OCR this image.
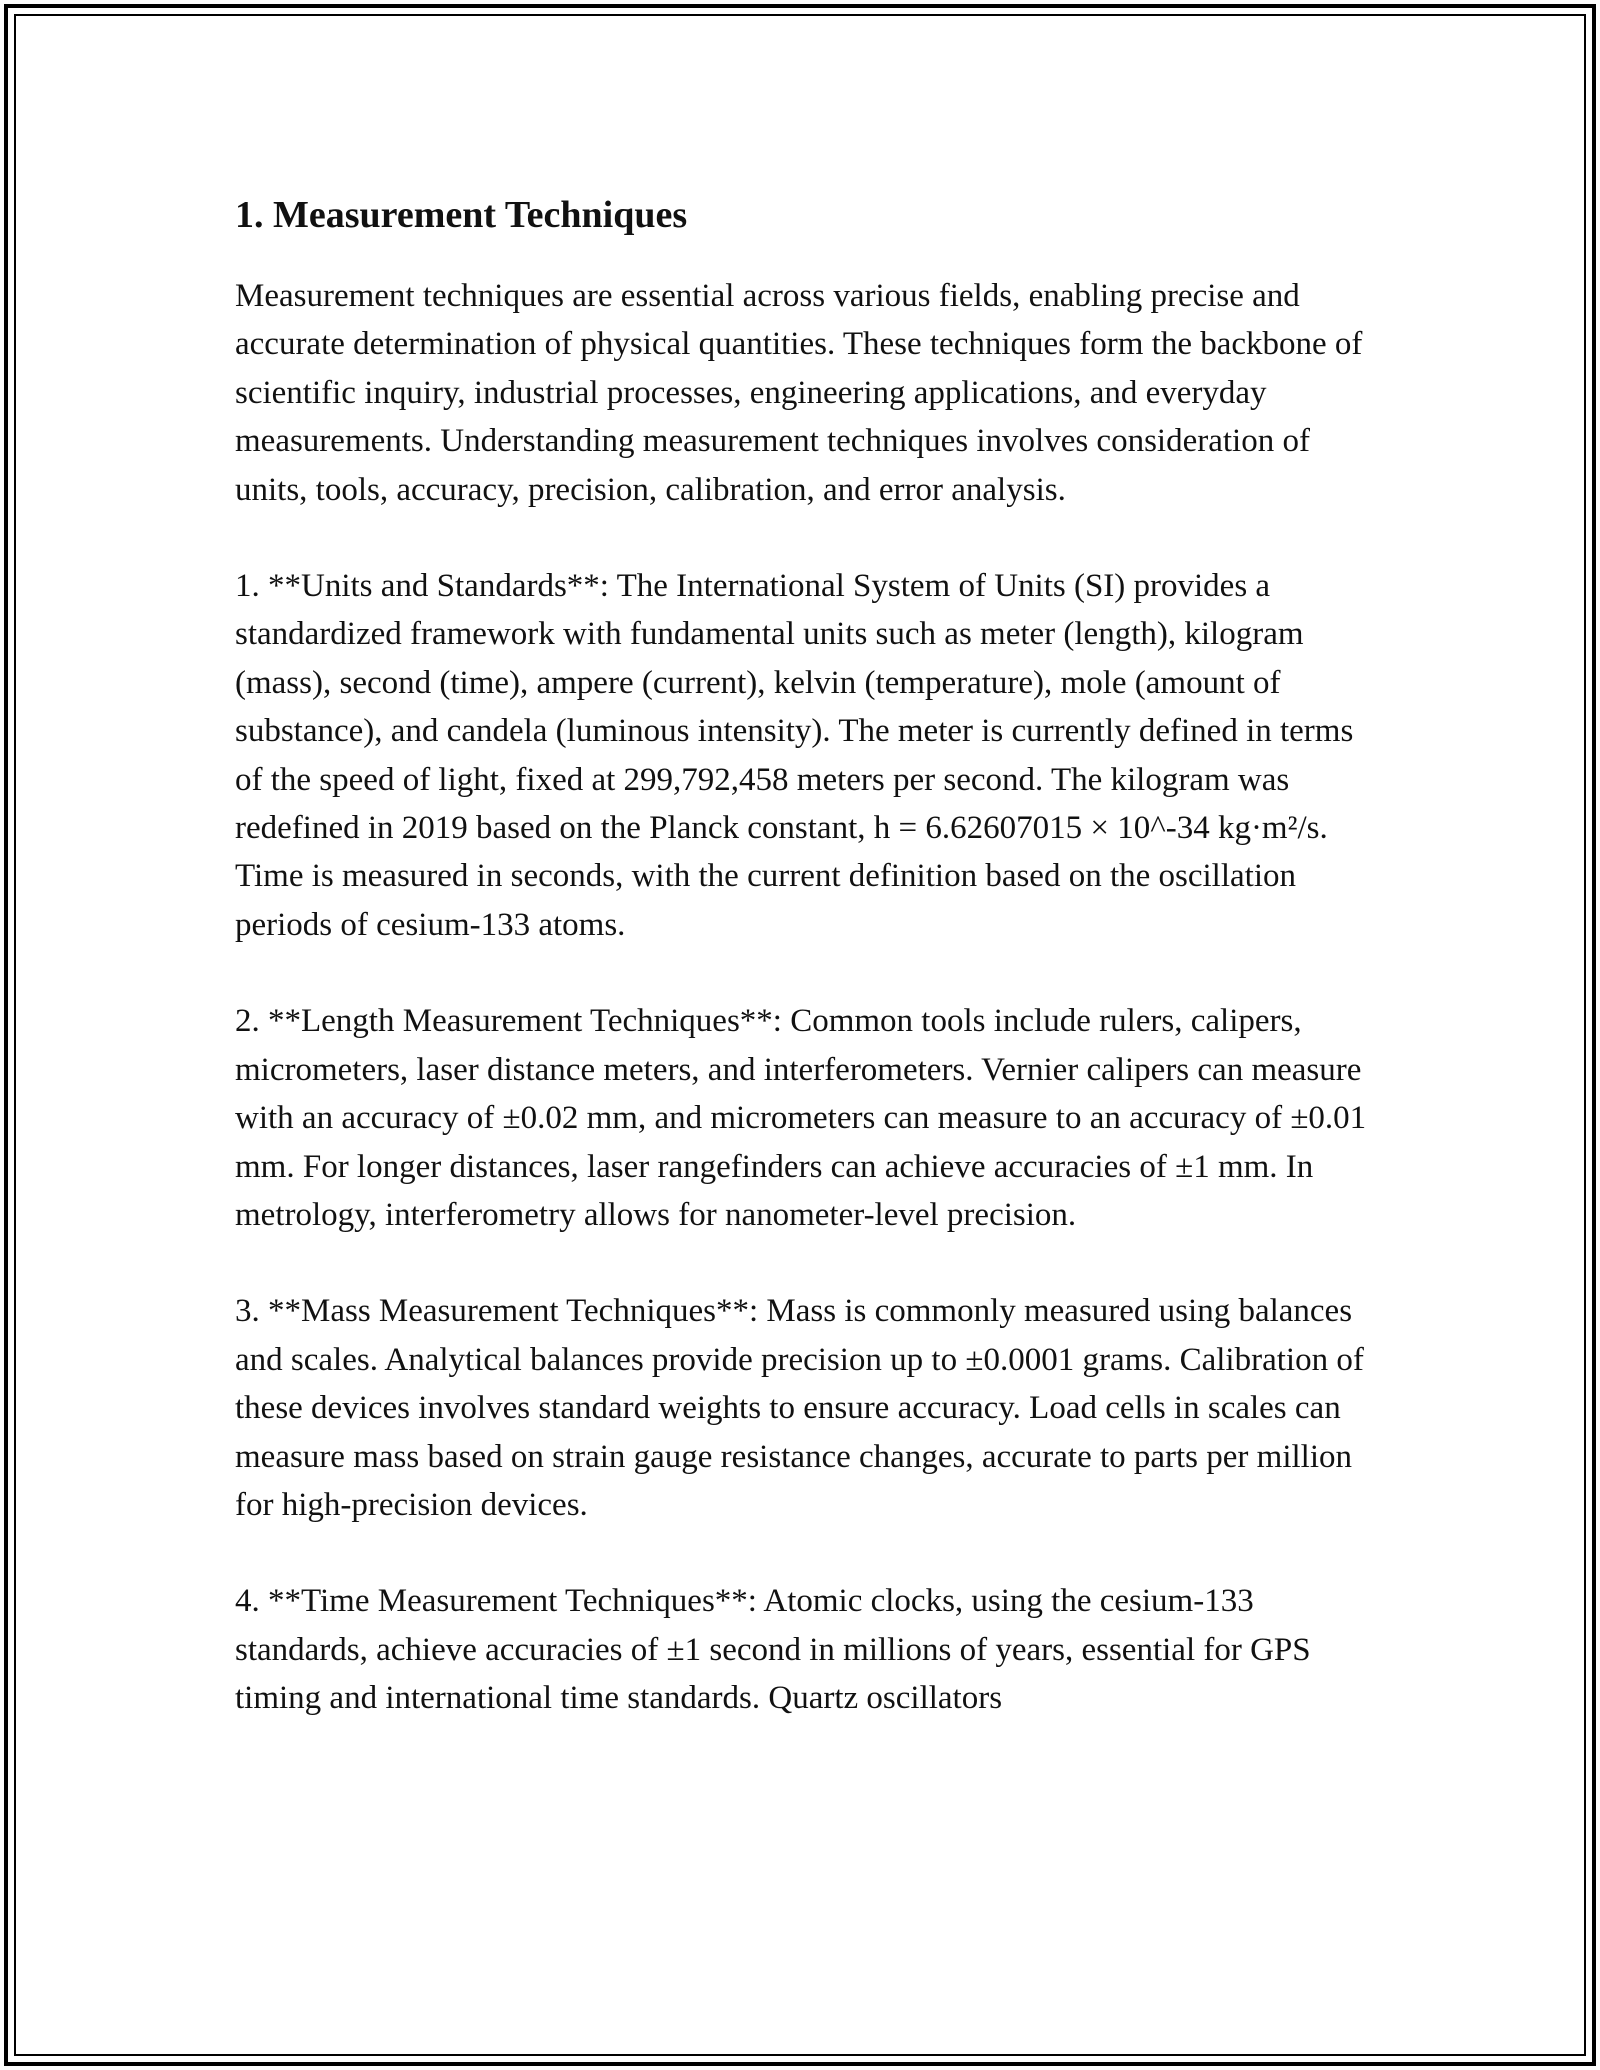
1. Measurement Techniques

Measurement techniques are essential across various fields, enabling precise and accurate determination of physical quantities. These techniques form the backbone of scientific inquiry, industrial processes, engineering applications, and everyday measurements. Understanding measurement techniques involves consideration of units, tools, accuracy, precision, calibration, and error analysis.

1. **Units and Standards**: The International System of Units (SI) provides a standardized framework with fundamental units such as meter (length), kilogram (mass), second (time), ampere (current), kelvin (temperature), mole (amount of substance), and candela (luminous intensity). The meter is currently defined in terms of the speed of light, fixed at 299,792,458 meters per second. The kilogram was redefined in 2019 based on the Planck constant, h = 6.62607015 × 10^-34 kg·m²/s. Time is measured in seconds, with the current definition based on the oscillation periods of cesium-133 atoms.

2. **Length Measurement Techniques**: Common tools include rulers, calipers, micrometers, laser distance meters, and interferometers. Vernier calipers can measure with an accuracy of ±0.02 mm, and micrometers can measure to an accuracy of ±0.01 mm. For longer distances, laser rangefinders can achieve accuracies of ±1 mm. In metrology, interferometry allows for nanometer-level precision.

3. **Mass Measurement Techniques**: Mass is commonly measured using balances and scales. Analytical balances provide precision up to ±0.0001 grams. Calibration of these devices involves standard weights to ensure accuracy. Load cells in scales can measure mass based on strain gauge resistance changes, accurate to parts per million for high-precision devices.

4. **Time Measurement Techniques**: Atomic clocks, using the cesium-133 standards, achieve accuracies of ±1 second in millions of years, essential for GPS timing and international time standards. Quartz oscillators
